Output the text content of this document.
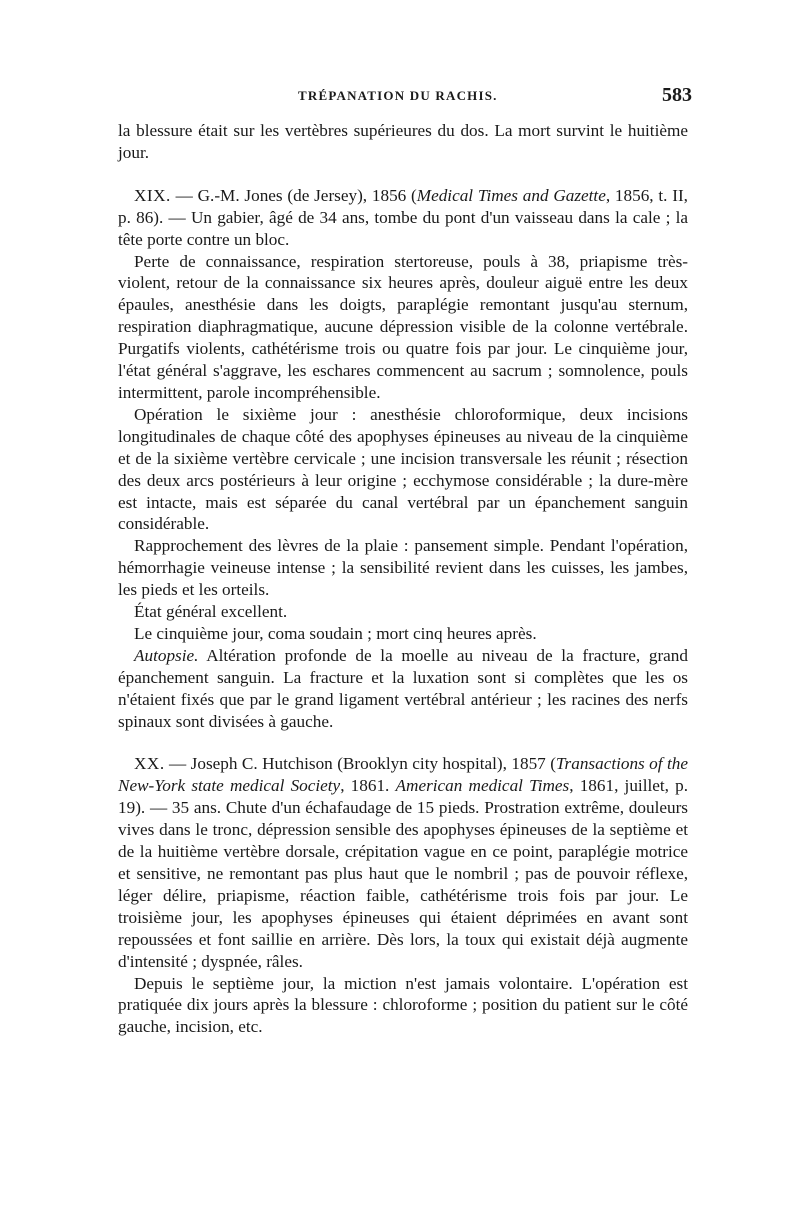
TRÉPANATION DU RACHIS.	583

la blessure était sur les vertèbres supérieures du dos. La mort survint le huitième jour.

XIX. — G.-M. Jones (de Jersey), 1856 (Medical Times and Gazette, 1856, t. II, p. 86). — Un gabier, âgé de 34 ans, tombe du pont d'un vaisseau dans la cale ; la tête porte contre un bloc.

Perte de connaissance, respiration stertoreuse, pouls à 38, priapisme très-violent, retour de la connaissance six heures après, douleur aiguë entre les deux épaules, anesthésie dans les doigts, paraplégie remontant jusqu'au sternum, respiration diaphragmatique, aucune dépression visible de la colonne vertébrale. Purgatifs violents, cathétérisme trois ou quatre fois par jour. Le cinquième jour, l'état général s'aggrave, les eschares commencent au sacrum ; somnolence, pouls intermittent, parole incompréhensible.

Opération le sixième jour : anesthésie chloroformique, deux incisions longitudinales de chaque côté des apophyses épineuses au niveau de la cinquième et de la sixième vertèbre cervicale ; une incision transversale les réunit ; résection des deux arcs postérieurs à leur origine ; ecchymose considérable ; la dure-mère est intacte, mais est séparée du canal vertébral par un épanchement sanguin considérable.

Rapprochement des lèvres de la plaie : pansement simple. Pendant l'opération, hémorrhagie veineuse intense ; la sensibilité revient dans les cuisses, les jambes, les pieds et les orteils.

État général excellent.

Le cinquième jour, coma soudain ; mort cinq heures après.

Autopsie. Altération profonde de la moelle au niveau de la fracture, grand épanchement sanguin. La fracture et la luxation sont si complètes que les os n'étaient fixés que par le grand ligament vertébral antérieur ; les racines des nerfs spinaux sont divisées à gauche.

XX. — Joseph C. Hutchison (Brooklyn city hospital), 1857 (Transactions of the New-York state medical Society, 1861. American medical Times, 1861, juillet, p. 19). — 35 ans. Chute d'un échafaudage de 15 pieds. Prostration extrême, douleurs vives dans le tronc, dépression sensible des apophyses épineuses de la septième et de la huitième vertèbre dorsale, crépitation vague en ce point, paraplégie motrice et sensitive, ne remontant pas plus haut que le nombril ; pas de pouvoir réflexe, léger délire, priapisme, réaction faible, cathétérisme trois fois par jour. Le troisième jour, les apophyses épineuses qui étaient déprimées en avant sont repoussées et font saillie en arrière. Dès lors, la toux qui existait déjà augmente d'intensité ; dyspnée, râles.

Depuis le septième jour, la miction n'est jamais volontaire. L'opération est pratiquée dix jours après la blessure : chloroforme ; position du patient sur le côté gauche, incision, etc.
